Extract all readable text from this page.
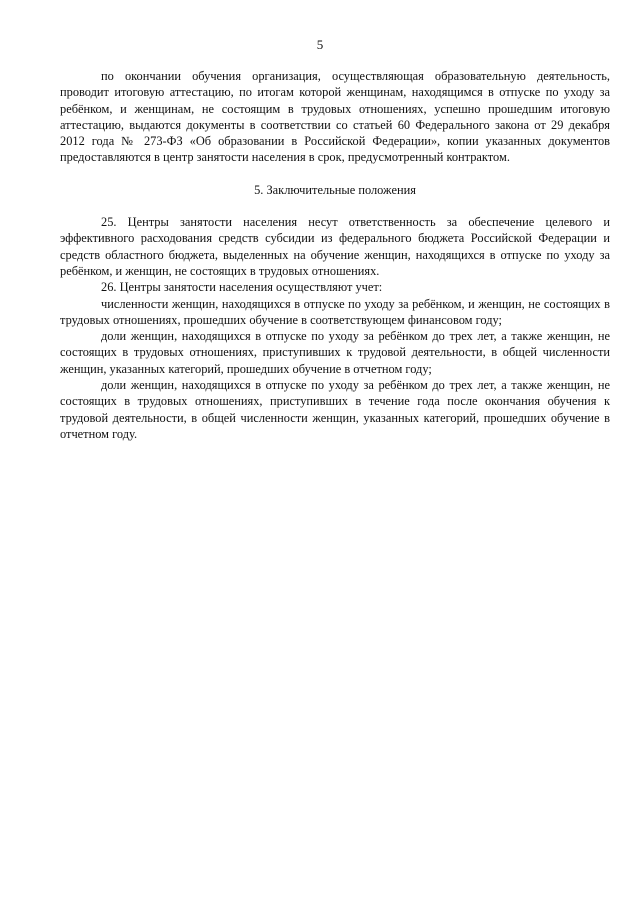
5

по окончании обучения организация, осуществляющая образовательную деятельность, проводит итоговую аттестацию, по итогам которой женщинам, находящимся в отпуске по уходу за ребёнком, и женщинам, не состоящим в трудовых отношениях, успешно прошедшим итоговую аттестацию, выдаются документы в соответствии со статьей 60 Федерального закона от 29 декабря 2012 года № 273-ФЗ «Об образовании в Российской Федерации», копии указанных документов предоставляются в центр занятости населения в срок, предусмотренный контрактом.

5. Заключительные положения

25. Центры занятости населения несут ответственность за обеспечение целевого и эффективного расходования средств субсидии из федерального бюджета Российской Федерации и средств областного бюджета, выделенных на обучение женщин, находящихся в отпуске по уходу за ребёнком, и женщин, не состоящих в трудовых отношениях.

26. Центры занятости населения осуществляют учет:

численности женщин, находящихся в отпуске по уходу за ребёнком, и женщин, не состоящих в трудовых отношениях, прошедших обучение в соответствующем финансовом году;

доли женщин, находящихся в отпуске по уходу за ребёнком до трех лет, а также женщин, не состоящих в трудовых отношениях, приступивших к трудовой деятельности, в общей численности женщин, указанных категорий, прошедших обучение в отчетном году;

доли женщин, находящихся в отпуске по уходу за ребёнком до трех лет, а также женщин, не состоящих в трудовых отношениях, приступивших в течение года после окончания обучения к трудовой деятельности, в общей численности женщин, указанных категорий, прошедших обучение в отчетном году.
